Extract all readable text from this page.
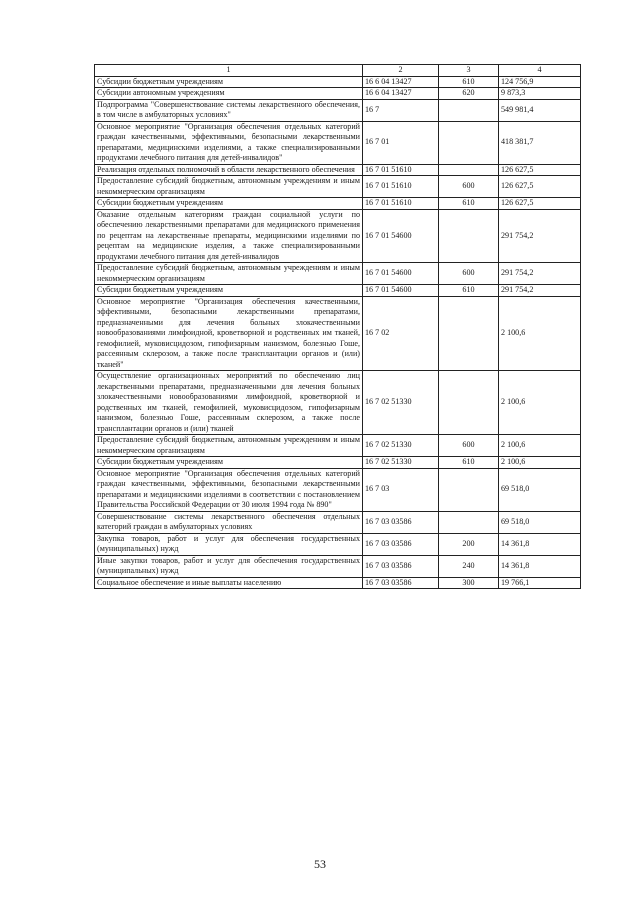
1	2	3	4
Субсидии бюджетным учреждениям	16 6 04 13427	610	124 756,9
Субсидии автономным учреждениям	16 6 04 13427	620	9 873,3
Подпрограмма "Совершенствование системы лекарственного обеспечения, в том числе в амбулаторных условиях"	16 7		549 981,4
Основное мероприятие "Организация обеспечения отдельных категорий граждан качественными, эффективными, безопасными лекарственными препаратами, медицинскими изделиями, а также специализированными продуктами лечебного питания для детей-инвалидов"	16 7 01		418 381,7
Реализация отдельных полномочий в области лекарственного обеспечения	16 7 01 51610		126 627,5
Предоставление субсидий бюджетным, автономным учреждениям и иным некоммерческим организациям	16 7 01 51610	600	126 627,5
Субсидии бюджетным учреждениям	16 7 01 51610	610	126 627,5
Оказание отдельным категориям граждан социальной услуги по обеспечению лекарственными препаратами для медицинского применения по рецептам на лекарственные препараты, медицинскими изделиями по рецептам на медицинские изделия, а также специализированными продуктами лечебного питания для детей-инвалидов	16 7 01 54600		291 754,2
Предоставление субсидий бюджетным, автономным учреждениям и иным некоммерческим организациям	16 7 01 54600	600	291 754,2
Субсидии бюджетным учреждениям	16 7 01 54600	610	291 754,2
Основное мероприятие "Организация обеспечения качественными, эффективными, безопасными лекарственными препаратами, предназначенными для лечения больных злокачественными новообразованиями лимфоидной, кроветворной и родственных им тканей, гемофилией, муковисцидозом, гипофизарным нанизмом, болезнью Гоше, рассеянным склерозом, а также после трансплантации органов и (или) тканей"	16 7 02		2 100,6
Осуществление организационных мероприятий по обеспечению лиц лекарственными препаратами, предназначенными для лечения больных злокачественными новообразованиями лимфоидной, кроветворной и родственных им тканей, гемофилией, муковисцидозом, гипофизарным нанизмом, болезнью Гоше, рассеянным склерозом, а также после трансплантации органов и (или) тканей	16 7 02 51330		2 100,6
Предоставление субсидий бюджетным, автономным учреждениям и иным некоммерческим организациям	16 7 02 51330	600	2 100,6
Субсидии бюджетным учреждениям	16 7 02 51330	610	2 100,6
Основное мероприятие "Организация обеспечения отдельных категорий граждан качественными, эффективными, безопасными лекарственными препаратами и медицинскими изделиями в соответствии с постановлением Правительства Российской Федерации от 30 июля 1994 года № 890"	16 7 03		69 518,0
Совершенствование системы лекарственного обеспечения отдельных категорий граждан в амбулаторных условиях	16 7 03 03586		69 518,0
Закупка товаров, работ и услуг для обеспечения государственных (муниципальных) нужд	16 7 03 03586	200	14 361,8
Иные закупки товаров, работ и услуг для обеспечения государственных (муниципальных) нужд	16 7 03 03586	240	14 361,8
Социальное обеспечение и иные выплаты населению	16 7 03 03586	300	19 766,1
53
